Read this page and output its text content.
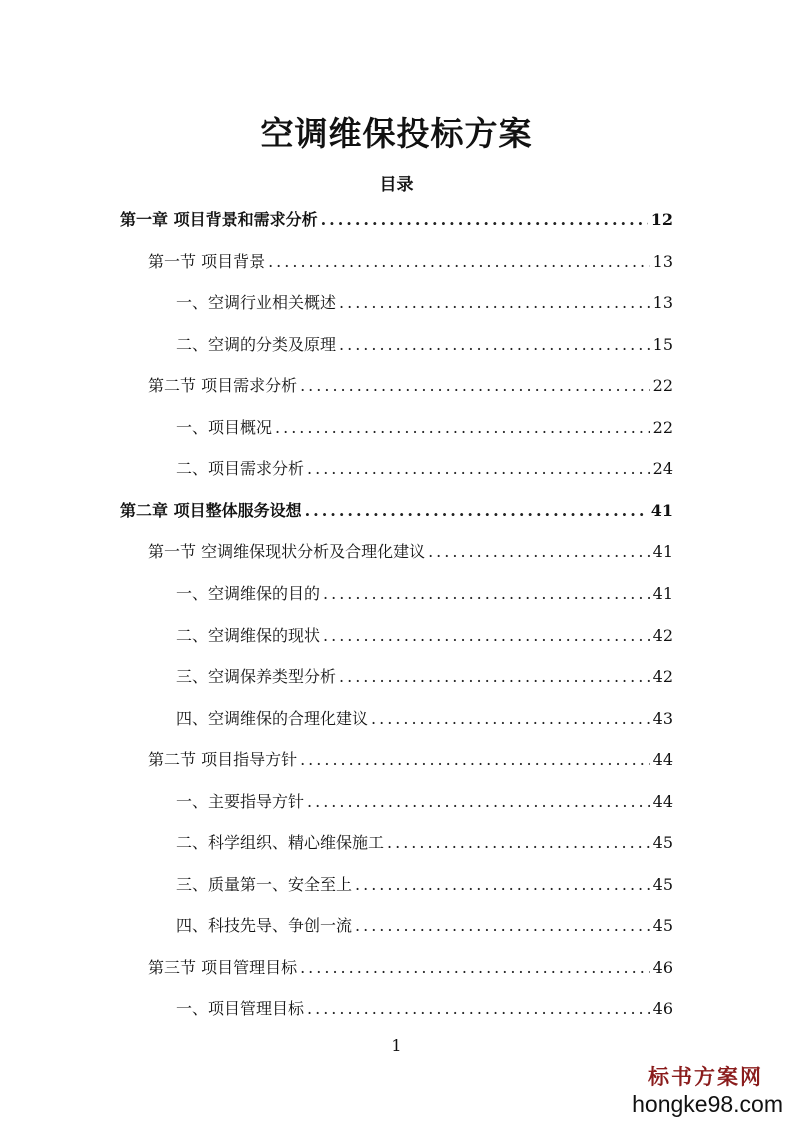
空调维保投标方案
目录
第一章 项目背景和需求分析 .....	12
第一节 项目背景 .....	13
一、空调行业相关概述 .....	13
二、空调的分类及原理 .....	15
第二节 项目需求分析 .....	22
一、项目概况 .....	22
二、项目需求分析 .....	24
第二章 项目整体服务设想 .....	41
第一节 空调维保现状分析及合理化建议 .....	41
一、空调维保的目的 .....	41
二、空调维保的现状 .....	42
三、空调保养类型分析 .....	42
四、空调维保的合理化建议 .....	43
第二节 项目指导方针 .....	44
一、主要指导方针 .....	44
二、科学组织、精心维保施工 .....	45
三、质量第一、安全至上 .....	45
四、科技先导、争创一流 .....	45
第三节 项目管理目标 .....	46
一、项目管理目标 .....	46
1
标书方案网
hongke98.com
